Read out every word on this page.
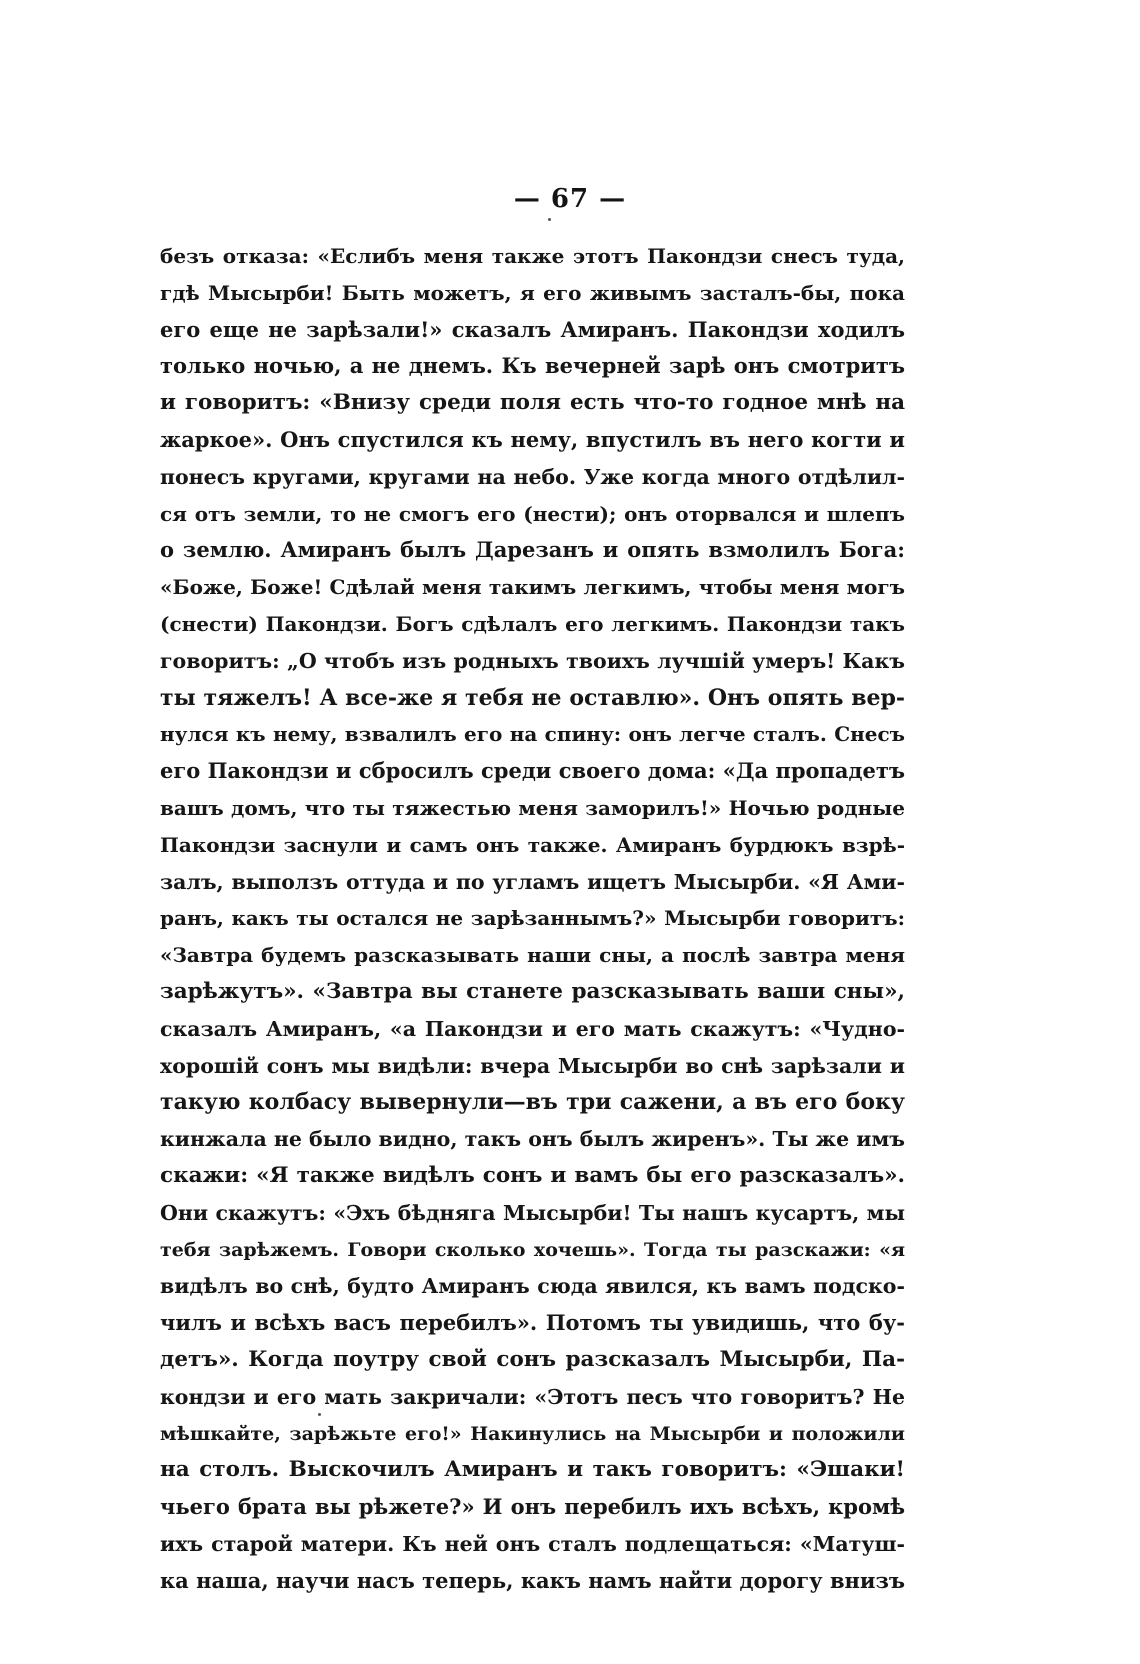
— 67 —
безъ отказа: «Еслибъ меня также этотъ Пакондзи снесъ туда,
гдѣ Мысырби! Быть можетъ, я его живымъ засталъ-бы, пока
его еще не зарѣзали!» сказалъ Амиранъ. Пакондзи ходилъ
только ночью, а не днемъ. Къ вечерней зарѣ онъ смотритъ
и говоритъ: «Внизу среди поля есть что-то годное мнѣ на
жаркое». Онъ спустился къ нему, впустилъ въ него когти и
понесъ кругами, кругами на небо. Уже когда много отдѣлил-
ся отъ земли, то не смогъ его (нести); онъ оторвался и шлепъ
о землю. Амиранъ былъ Дарезанъ и опять взмолилъ Бога:
«Боже, Боже! Сдѣлай меня такимъ легкимъ, чтобы меня могъ
(снести) Пакондзи. Богъ сдѣлалъ его легкимъ. Пакондзи такъ
говоритъ: „О чтобъ изъ родныхъ твоихъ лучшій умеръ! Какъ
ты тяжелъ! А все-же я тебя не оставлю». Онъ опять вер-
нулся къ нему, взвалилъ его на спину: онъ легче сталъ. Снесъ
его Пакондзи и сбросилъ среди своего дома: «Да пропадетъ
вашъ домъ, что ты тяжестью меня заморилъ!» Ночью родные
Пакондзи заснули и самъ онъ также. Амиранъ бурдюкъ взрѣ-
залъ, выползъ оттуда и по угламъ ищетъ Мысырби. «Я Ами-
ранъ, какъ ты остался не зарѣзаннымъ?» Мысырби говоритъ:
«Завтра будемъ разсказывать наши сны, а послѣ завтра меня
зарѣжутъ». «Завтра вы станете разсказывать ваши сны»,
сказалъ Амиранъ, «а Пакондзи и его мать скажутъ: «Чудно-
хорошій сонъ мы видѣли: вчера Мысырби во снѣ зарѣзали и
такую колбасу вывернули—въ три сажени, а въ его боку
кинжала не было видно, такъ онъ былъ жиренъ». Ты же имъ
скажи: «Я также видѣлъ сонъ и вамъ бы его разсказалъ».
Они скажутъ: «Эхъ бѣдняга Мысырби! Ты нашъ кусартъ, мы
тебя зарѣжемъ. Говори сколько хочешь». Тогда ты разскажи: «я
видѣлъ во снѣ, будто Амиранъ сюда явился, къ вамъ подско-
чилъ и всѣхъ васъ перебилъ». Потомъ ты увидишь, что бу-
детъ». Когда поутру свой сонъ разсказалъ Мысырби, Па-
кондзи и его мать закричали: «Этотъ песъ что говоритъ? Не
мѣшкайте, зарѣжьте его!» Накинулись на Мысырби и положили
на столъ. Выскочилъ Амиранъ и такъ говоритъ: «Эшаки!
чьего брата вы рѣжете?» И онъ перебилъ ихъ всѣхъ, кромѣ
ихъ старой матери. Къ ней онъ сталъ подлещаться: «Матуш-
ка наша, научи насъ теперь, какъ намъ найти дорогу внизъ
